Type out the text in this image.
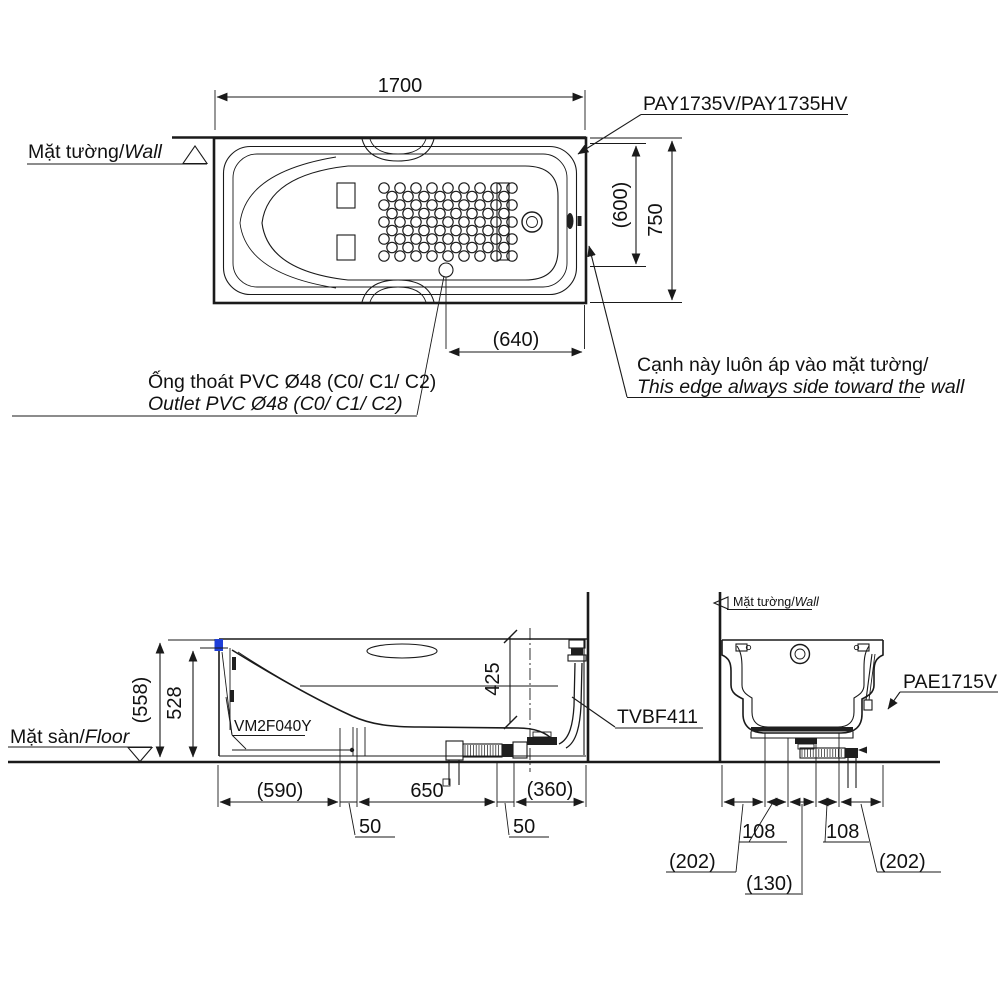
1700
Mặt tường/Wall
Ống thoát PVC Ø48 (C0/ C1/ C2)
Outlet PVC Ø48 (C0/ C1/ C2)
(640)
PAY1735V/PAY1735HV
(600) 750
Cạnh này luôn áp vào mặt tường/
This edge always side toward the wall
425
VM2F040Y	TVBF411
(558) 528
Mặt sàn/Floor
(590)	650	(360)
50	50
Mặt tường/Wall
PAE1715V
(202)
108
(130)
108
(202)
